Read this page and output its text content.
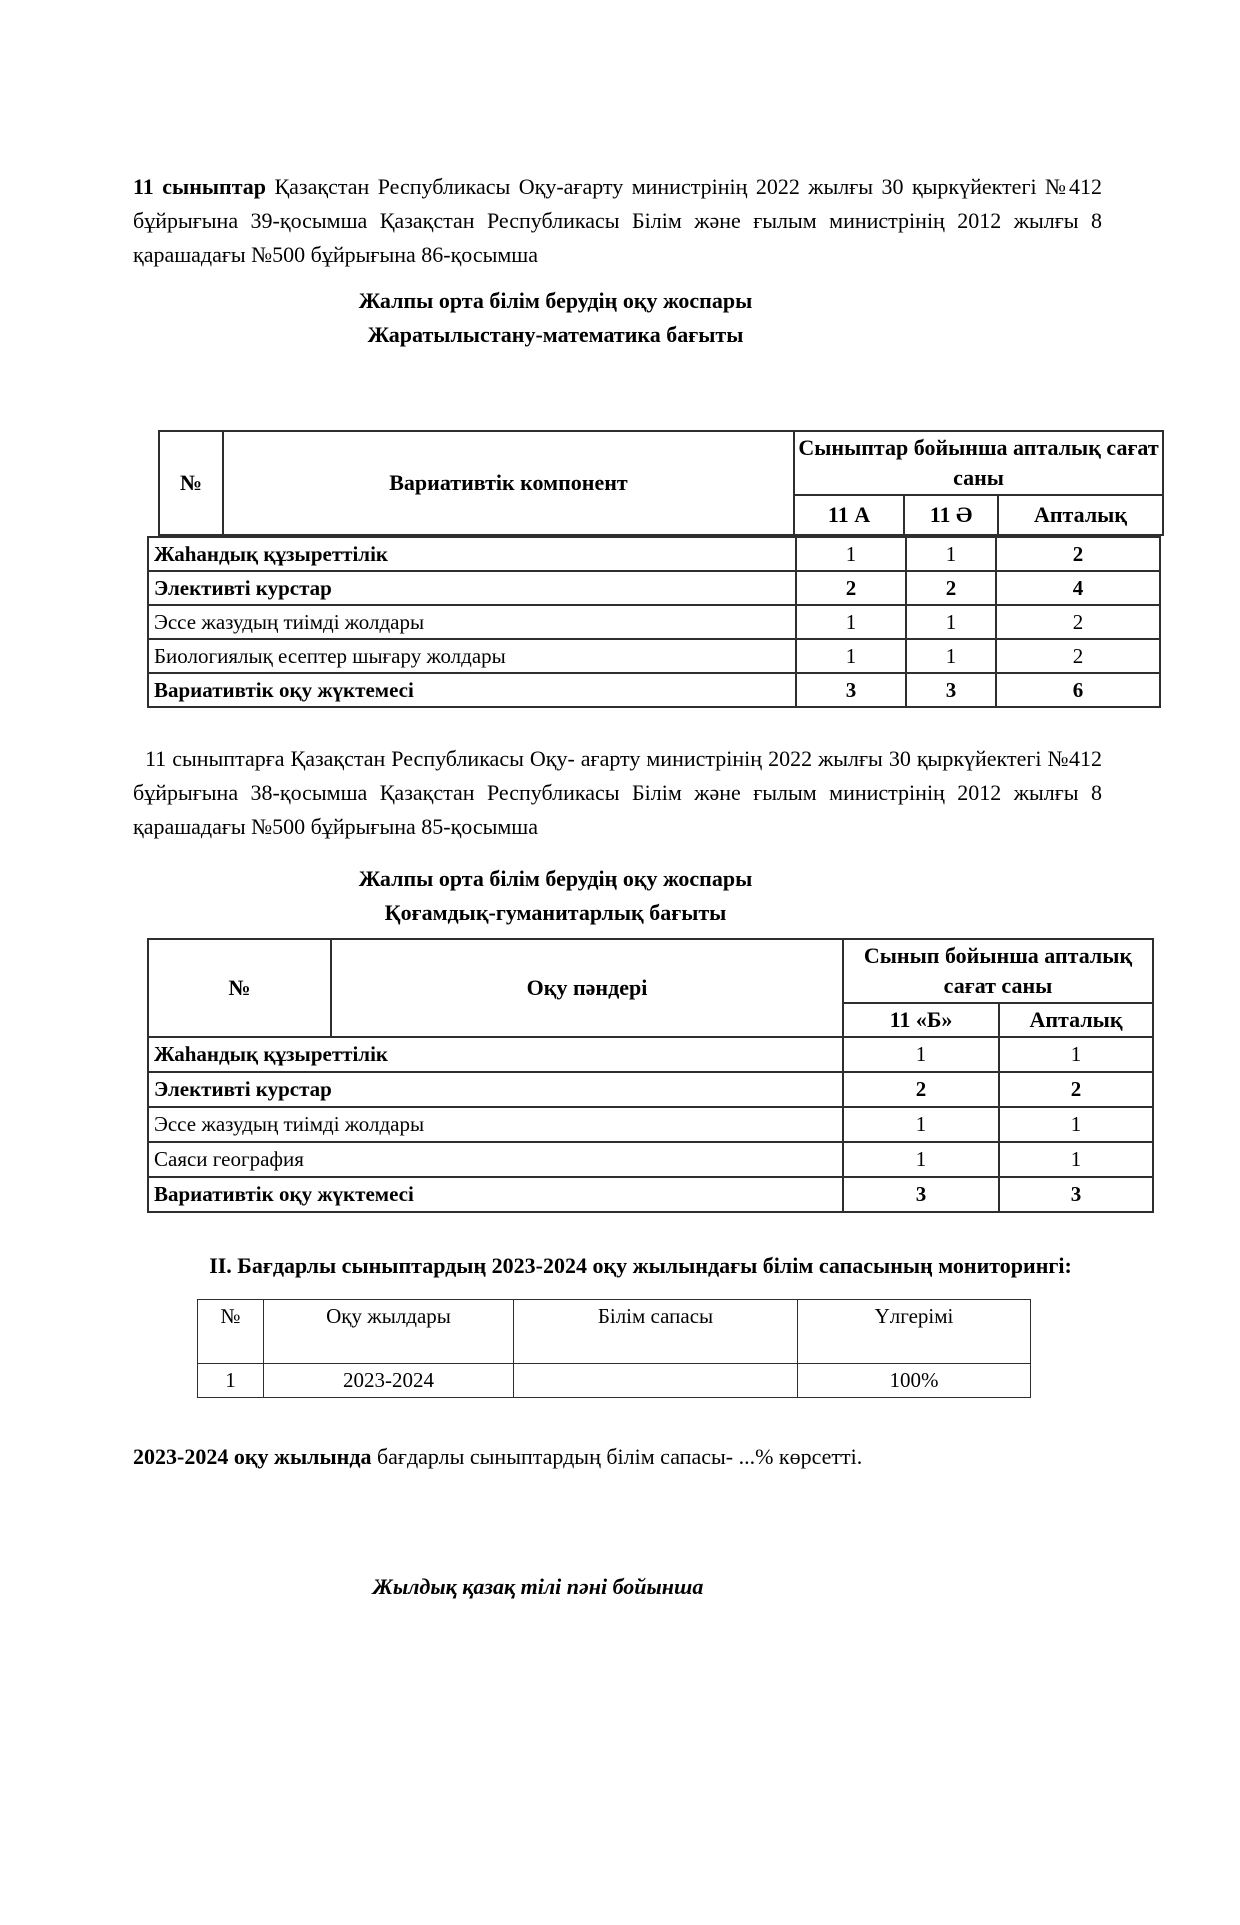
11 сыныптар Қазақстан Республикасы Оқу-ағарту министрінің 2022 жылғы 30 қыркүйектегі №412 бұйрығына 39-қосымша Қазақстан Республикасы Білім және ғылым министрінің 2012 жылғы 8 қарашадағы №500 бұйрығына 86-қосымша

Жалпы орта білім берудің оқу жоспары
Жаратылыстану-математика бағыты
№	Вариативтік компонент	Сыныптар бойынша апталық сағат саны		
		11 А	11 Ә	Апталық
Жаһандық құзыреттілік	1	1	2
Элективті курстар	2	2	4
Эссе жазудың тиімді жолдары	1	1	2
Биологиялық есептер шығару жолдары	1	1	2
Вариативтік оқу жүктемесі	3	3	6

11 сыныптарға Қазақстан Республикасы Оқу- ағарту министрінің 2022 жылғы 30 қыркүйектегі №412 бұйрығына 38-қосымша Қазақстан Республикасы Білім және ғылым министрінің 2012 жылғы 8 қарашадағы №500 бұйрығына 85-қосымша

Жалпы орта білім берудің оқу жоспары
Қоғамдық-гуманитарлық бағыты
№	Оқу пәндері	Сынып бойынша апталық сағат саны	
		11 «Б»	Апталық
Жаһандық құзыреттілік		1	1
Элективті курстар		2	2
Эссе жазудың тиімді жолдары		1	1
Саяси география		1	1
Вариативтік оқу жүктемесі		3	3
ІІ. Бағдарлы сыныптардың 2023-2024 оқу жылындағы білім сапасының мониторингі:
№	Оқу жылдары	Білім сапасы	Үлгерімі
1	2023-2024		100%

2023-2024 оқу жылында бағдарлы сыныптардың білім сапасы- ...% көрсетті.

Жылдық қазақ тілі пәні бойынша
